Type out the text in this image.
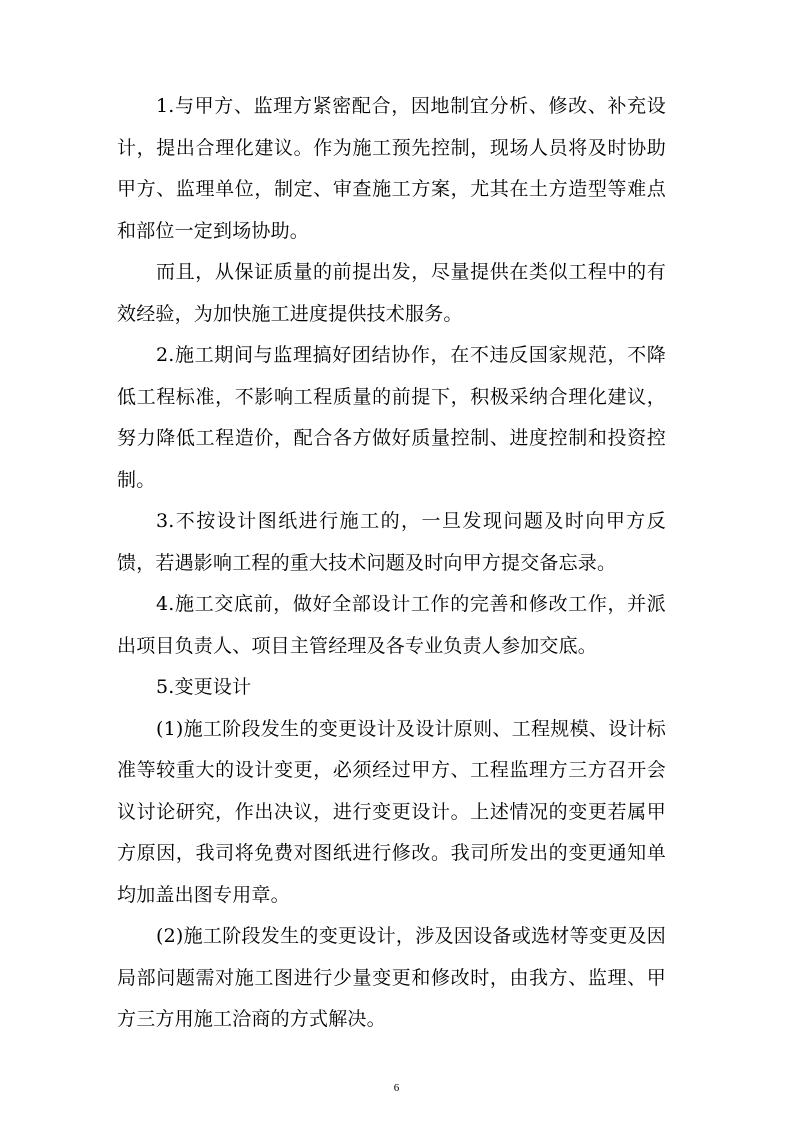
1.与甲方、监理方紧密配合，因地制宜分析、修改、补充设计，提出合理化建议。作为施工预先控制，现场人员将及时协助甲方、监理单位，制定、审查施工方案，尤其在土方造型等难点和部位一定到场协助。

而且，从保证质量的前提出发，尽量提供在类似工程中的有效经验，为加快施工进度提供技术服务。

2.施工期间与监理搞好团结协作，在不违反国家规范，不降低工程标准，不影响工程质量的前提下，积极采纳合理化建议，努力降低工程造价，配合各方做好质量控制、进度控制和投资控制。

3.不按设计图纸进行施工的，一旦发现问题及时向甲方反馈，若遇影响工程的重大技术问题及时向甲方提交备忘录。

4.施工交底前，做好全部设计工作的完善和修改工作，并派出项目负责人、项目主管经理及各专业负责人参加交底。

5.变更设计

(1)施工阶段发生的变更设计及设计原则、工程规模、设计标准等较重大的设计变更，必须经过甲方、工程监理方三方召开会议讨论研究，作出决议，进行变更设计。上述情况的变更若属甲方原因，我司将免费对图纸进行修改。我司所发出的变更通知单均加盖出图专用章。

(2)施工阶段发生的变更设计，涉及因设备或选材等变更及因局部问题需对施工图进行少量变更和修改时，由我方、监理、甲方三方用施工洽商的方式解决。

6
